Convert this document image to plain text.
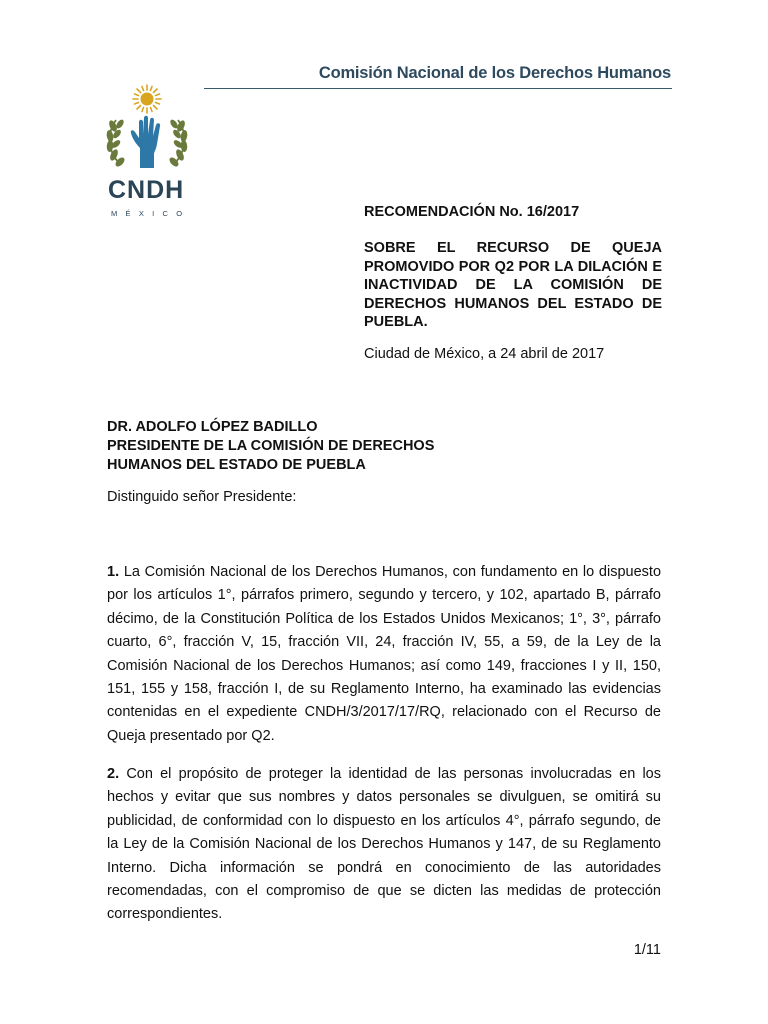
Comisión Nacional de los Derechos Humanos
CNDH
MÉXICO	RECOMENDACIÓN No. 16/2017
SOBRE EL RECURSO DE QUEJA PROMOVIDO POR Q2 POR LA DILACIÓN E INACTIVIDAD DE LA COMISIÓN DE DERECHOS HUMANOS DEL ESTADO DE PUEBLA.
Ciudad de México, a 24 abril de 2017
DR. ADOLFO LÓPEZ BADILLO
PRESIDENTE DE LA COMISIÓN DE DERECHOS
HUMANOS DEL ESTADO DE PUEBLA
Distinguido señor Presidente:
1. La Comisión Nacional de los Derechos Humanos, con fundamento en lo dispuesto por los artículos 1°, párrafos primero, segundo y tercero, y 102, apartado B, párrafo décimo, de la Constitución Política de los Estados Unidos Mexicanos; 1°, 3°, párrafo cuarto, 6°, fracción V, 15, fracción VII, 24, fracción IV, 55, a 59, de la Ley de la Comisión Nacional de los Derechos Humanos; así como 149, fracciones I y II, 150, 151, 155 y 158, fracción I, de su Reglamento Interno, ha examinado las evidencias contenidas en el expediente CNDH/3/2017/17/RQ, relacionado con el Recurso de Queja presentado por Q2.
2. Con el propósito de proteger la identidad de las personas involucradas en los hechos y evitar que sus nombres y datos personales se divulguen, se omitirá su publicidad, de conformidad con lo dispuesto en los artículos 4°, párrafo segundo, de la Ley de la Comisión Nacional de los Derechos Humanos y 147, de su Reglamento Interno. Dicha información se pondrá en conocimiento de las autoridades recomendadas, con el compromiso de que se dicten las medidas de protección correspondientes.
1/11
